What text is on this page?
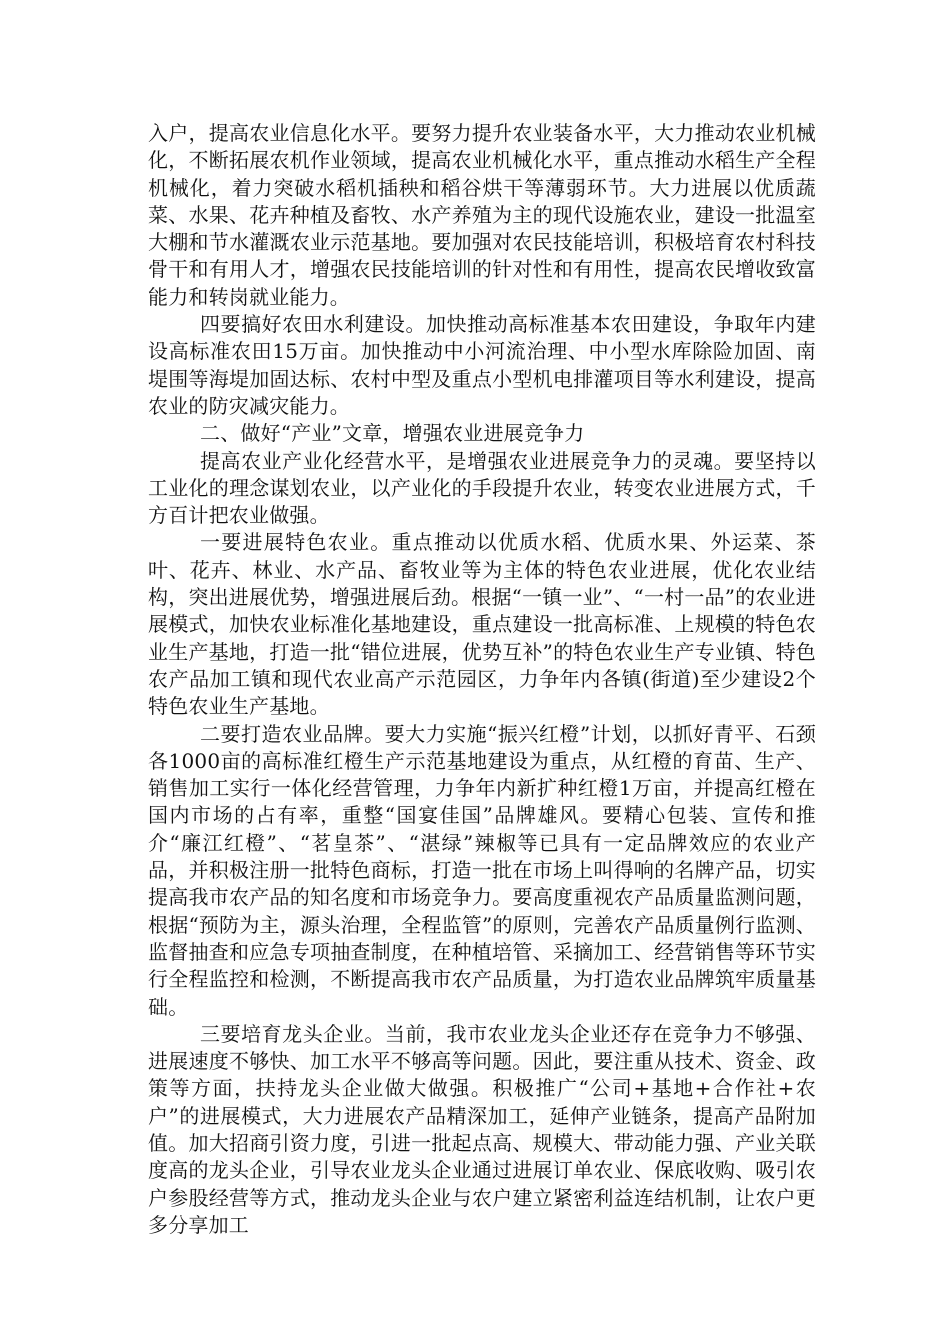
入户，提高农业信息化水平。要努力提升农业装备水平，大力推动农业机械化，不断拓展农机作业领域，提高农业机械化水平，重点推动水稻生产全程机械化，着力突破水稻机插秧和稻谷烘干等薄弱环节。大力进展以优质蔬菜、水果、花卉种植及畜牧、水产养殖为主的现代设施农业，建设一批温室大棚和节水灌溉农业示范基地。要加强对农民技能培训，积极培育农村科技骨干和有用人才，增强农民技能培训的针对性和有用性，提高农民增收致富能力和转岗就业能力。

四要搞好农田水利建设。加快推动高标准基本农田建设，争取年内建设高标准农田15万亩。加快推动中小河流治理、中小型水库除险加固、南堤围等海堤加固达标、农村中型及重点小型机电排灌项目等水利建设，提高农业的防灾减灾能力。

二、做好“产业”文章，增强农业进展竞争力

提高农业产业化经营水平，是增强农业进展竞争力的灵魂。要坚持以工业化的理念谋划农业，以产业化的手段提升农业，转变农业进展方式，千方百计把农业做强。

一要进展特色农业。重点推动以优质水稻、优质水果、外运菜、茶叶、花卉、林业、水产品、畜牧业等为主体的特色农业进展，优化农业结构，突出进展优势，增强进展后劲。根据“一镇一业”、“一村一品”的农业进展模式，加快农业标准化基地建设，重点建设一批高标准、上规模的特色农业生产基地，打造一批“错位进展，优势互补”的特色农业生产专业镇、特色农产品加工镇和现代农业高产示范园区，力争年内各镇(街道)至少建设2个特色农业生产基地。

二要打造农业品牌。要大力实施“振兴红橙”计划，以抓好青平、石颈各1000亩的高标准红橙生产示范基地建设为重点，从红橙的育苗、生产、销售加工实行一体化经营管理，力争年内新扩种红橙1万亩，并提高红橙在国内市场的占有率，重整“国宴佳国”品牌雄风。要精心包装、宣传和推介“廉江红橙”、“茗皇茶”、“湛绿”辣椒等已具有一定品牌效应的农业产品，并积极注册一批特色商标，打造一批在市场上叫得响的名牌产品，切实提高我市农产品的知名度和市场竞争力。要高度重视农产品质量监测问题，根据“预防为主，源头治理，全程监管”的原则，完善农产品质量例行监测、监督抽查和应急专项抽查制度，在种植培管、采摘加工、经营销售等环节实行全程监控和检测，不断提高我市农产品质量，为打造农业品牌筑牢质量基础。

三要培育龙头企业。当前，我市农业龙头企业还存在竞争力不够强、进展速度不够快、加工水平不够高等问题。因此，要注重从技术、资金、政策等方面，扶持龙头企业做大做强。积极推广“公司+基地+合作社+农户”的进展模式，大力进展农产品精深加工，延伸产业链条，提高产品附加值。加大招商引资力度，引进一批起点高、规模大、带动能力强、产业关联度高的龙头企业，引导农业龙头企业通过进展订单农业、保底收购、吸引农户参股经营等方式，推动龙头企业与农户建立紧密利益连结机制，让农户更多分享加工
